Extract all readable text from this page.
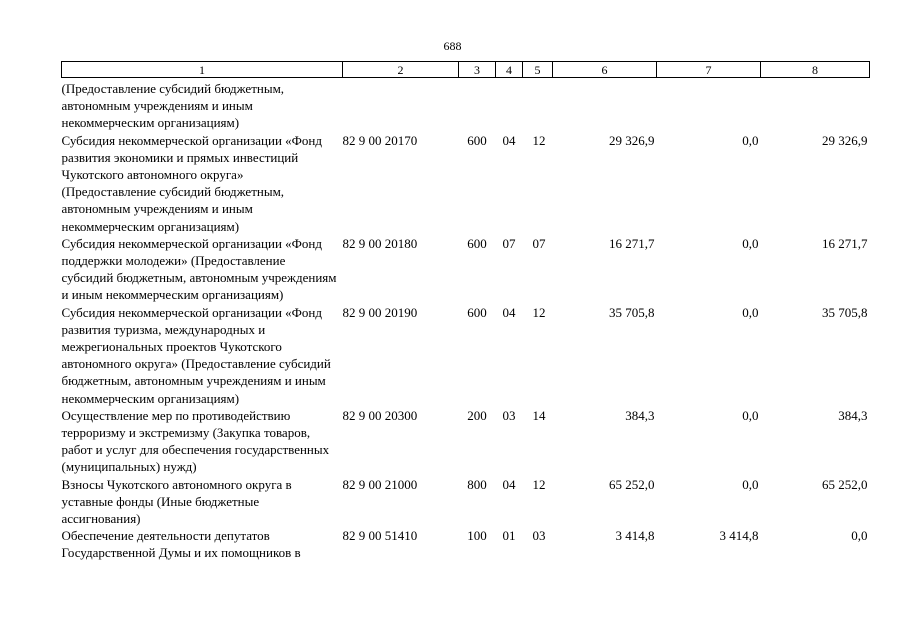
688
1	2	3	4	5	6	7	8
(Предоставление субсидий бюджетным, автономным учреждениям и иным некоммерческим организациям)							
Субсидия некоммерческой организации «Фонд развития экономики и прямых инвестиций Чукотского автономного округа» (Предоставление субсидий бюджетным, автономным учреждениям и иным некоммерческим организациям)	82 9 00 20170	600	04	12	29 326,9	0,0	29 326,9
Субсидия некоммерческой организации «Фонд поддержки молодежи» (Предоставление субсидий бюджетным, автономным учреждениям и иным некоммерческим организациям)	82 9 00 20180	600	07	07	16 271,7	0,0	16 271,7
Субсидия некоммерческой организации «Фонд развития туризма, международных и межрегиональных проектов Чукотского автономного округа» (Предоставление субсидий бюджетным, автономным учреждениям и иным некоммерческим организациям)	82 9 00 20190	600	04	12	35 705,8	0,0	35 705,8
Осуществление мер по противодействию терроризму и экстремизму (Закупка товаров, работ и услуг для обеспечения государственных (муниципальных) нужд)	82 9 00 20300	200	03	14	384,3	0,0	384,3
Взносы Чукотского автономного округа в уставные фонды (Иные бюджетные ассигнования)	82 9 00 21000	800	04	12	65 252,0	0,0	65 252,0
Обеспечение деятельности депутатов Государственной Думы и их помощников в	82 9 00 51410	100	01	03	3 414,8	3 414,8	0,0
